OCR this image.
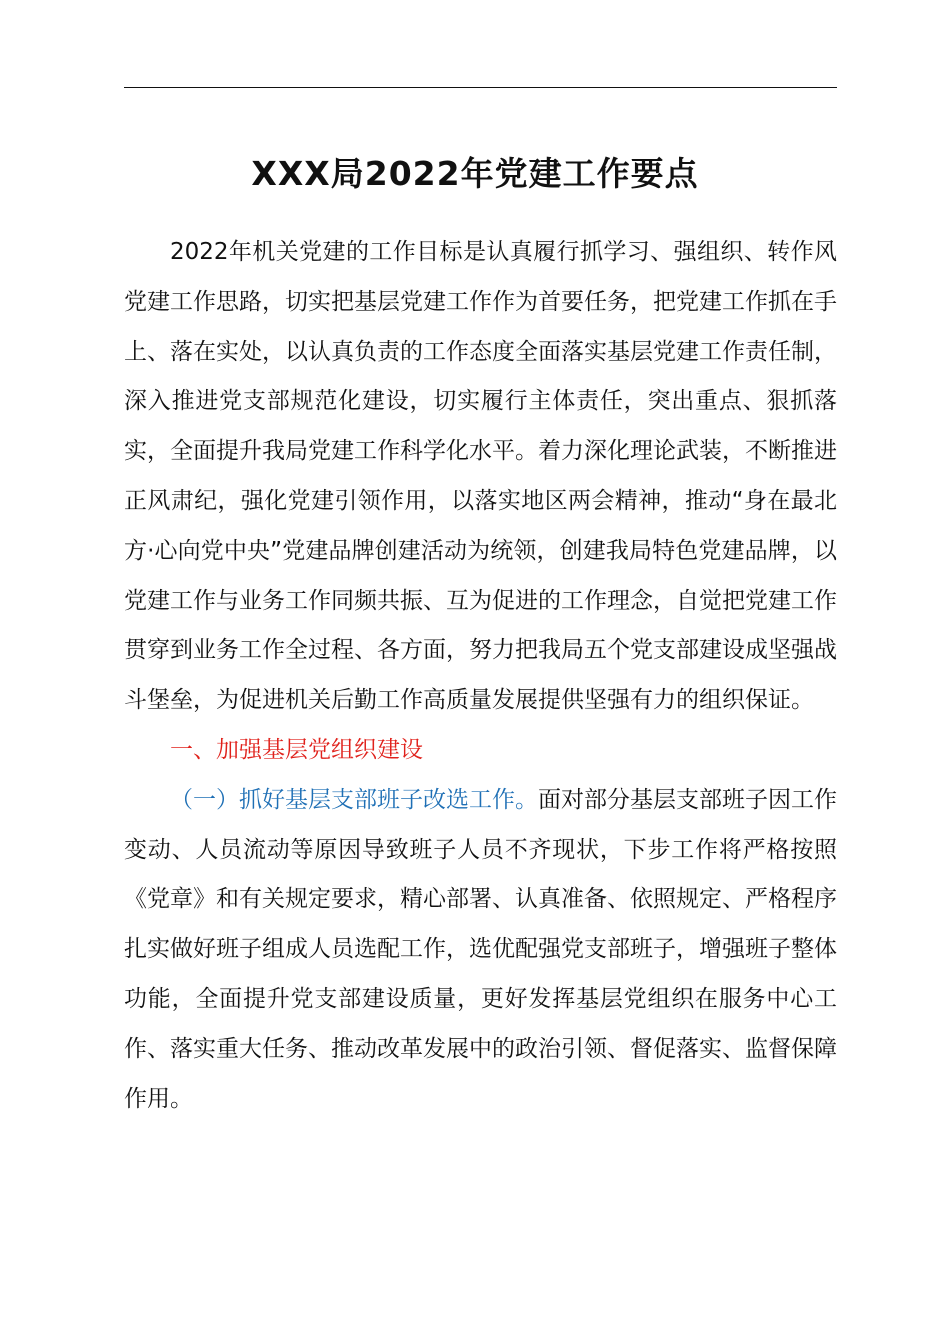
XXX局2022年党建工作要点

2022年机关党建的工作目标是认真履行抓学习、强组织、转作风党建工作思路，切实把基层党建工作作为首要任务，把党建工作抓在手上、落在实处，以认真负责的工作态度全面落实基层党建工作责任制，深入推进党支部规范化建设，切实履行主体责任，突出重点、狠抓落实，全面提升我局党建工作科学化水平。着力深化理论武装，不断推进正风肃纪，强化党建引领作用，以落实地区两会精神，推动“身在最北方·心向党中央”党建品牌创建活动为统领，创建我局特色党建品牌，以党建工作与业务工作同频共振、互为促进的工作理念，自觉把党建工作贯穿到业务工作全过程、各方面，努力把我局五个党支部建设成坚强战斗堡垒，为促进机关后勤工作高质量发展提供坚强有力的组织保证。

一、加强基层党组织建设

（一）抓好基层支部班子改选工作。面对部分基层支部班子因工作变动、人员流动等原因导致班子人员不齐现状，下步工作将严格按照《党章》和有关规定要求，精心部署、认真准备、依照规定、严格程序扎实做好班子组成人员选配工作，选优配强党支部班子，增强班子整体功能，全面提升党支部建设质量，更好发挥基层党组织在服务中心工作、落实重大任务、推动改革发展中的政治引领、督促落实、监督保障作用。
